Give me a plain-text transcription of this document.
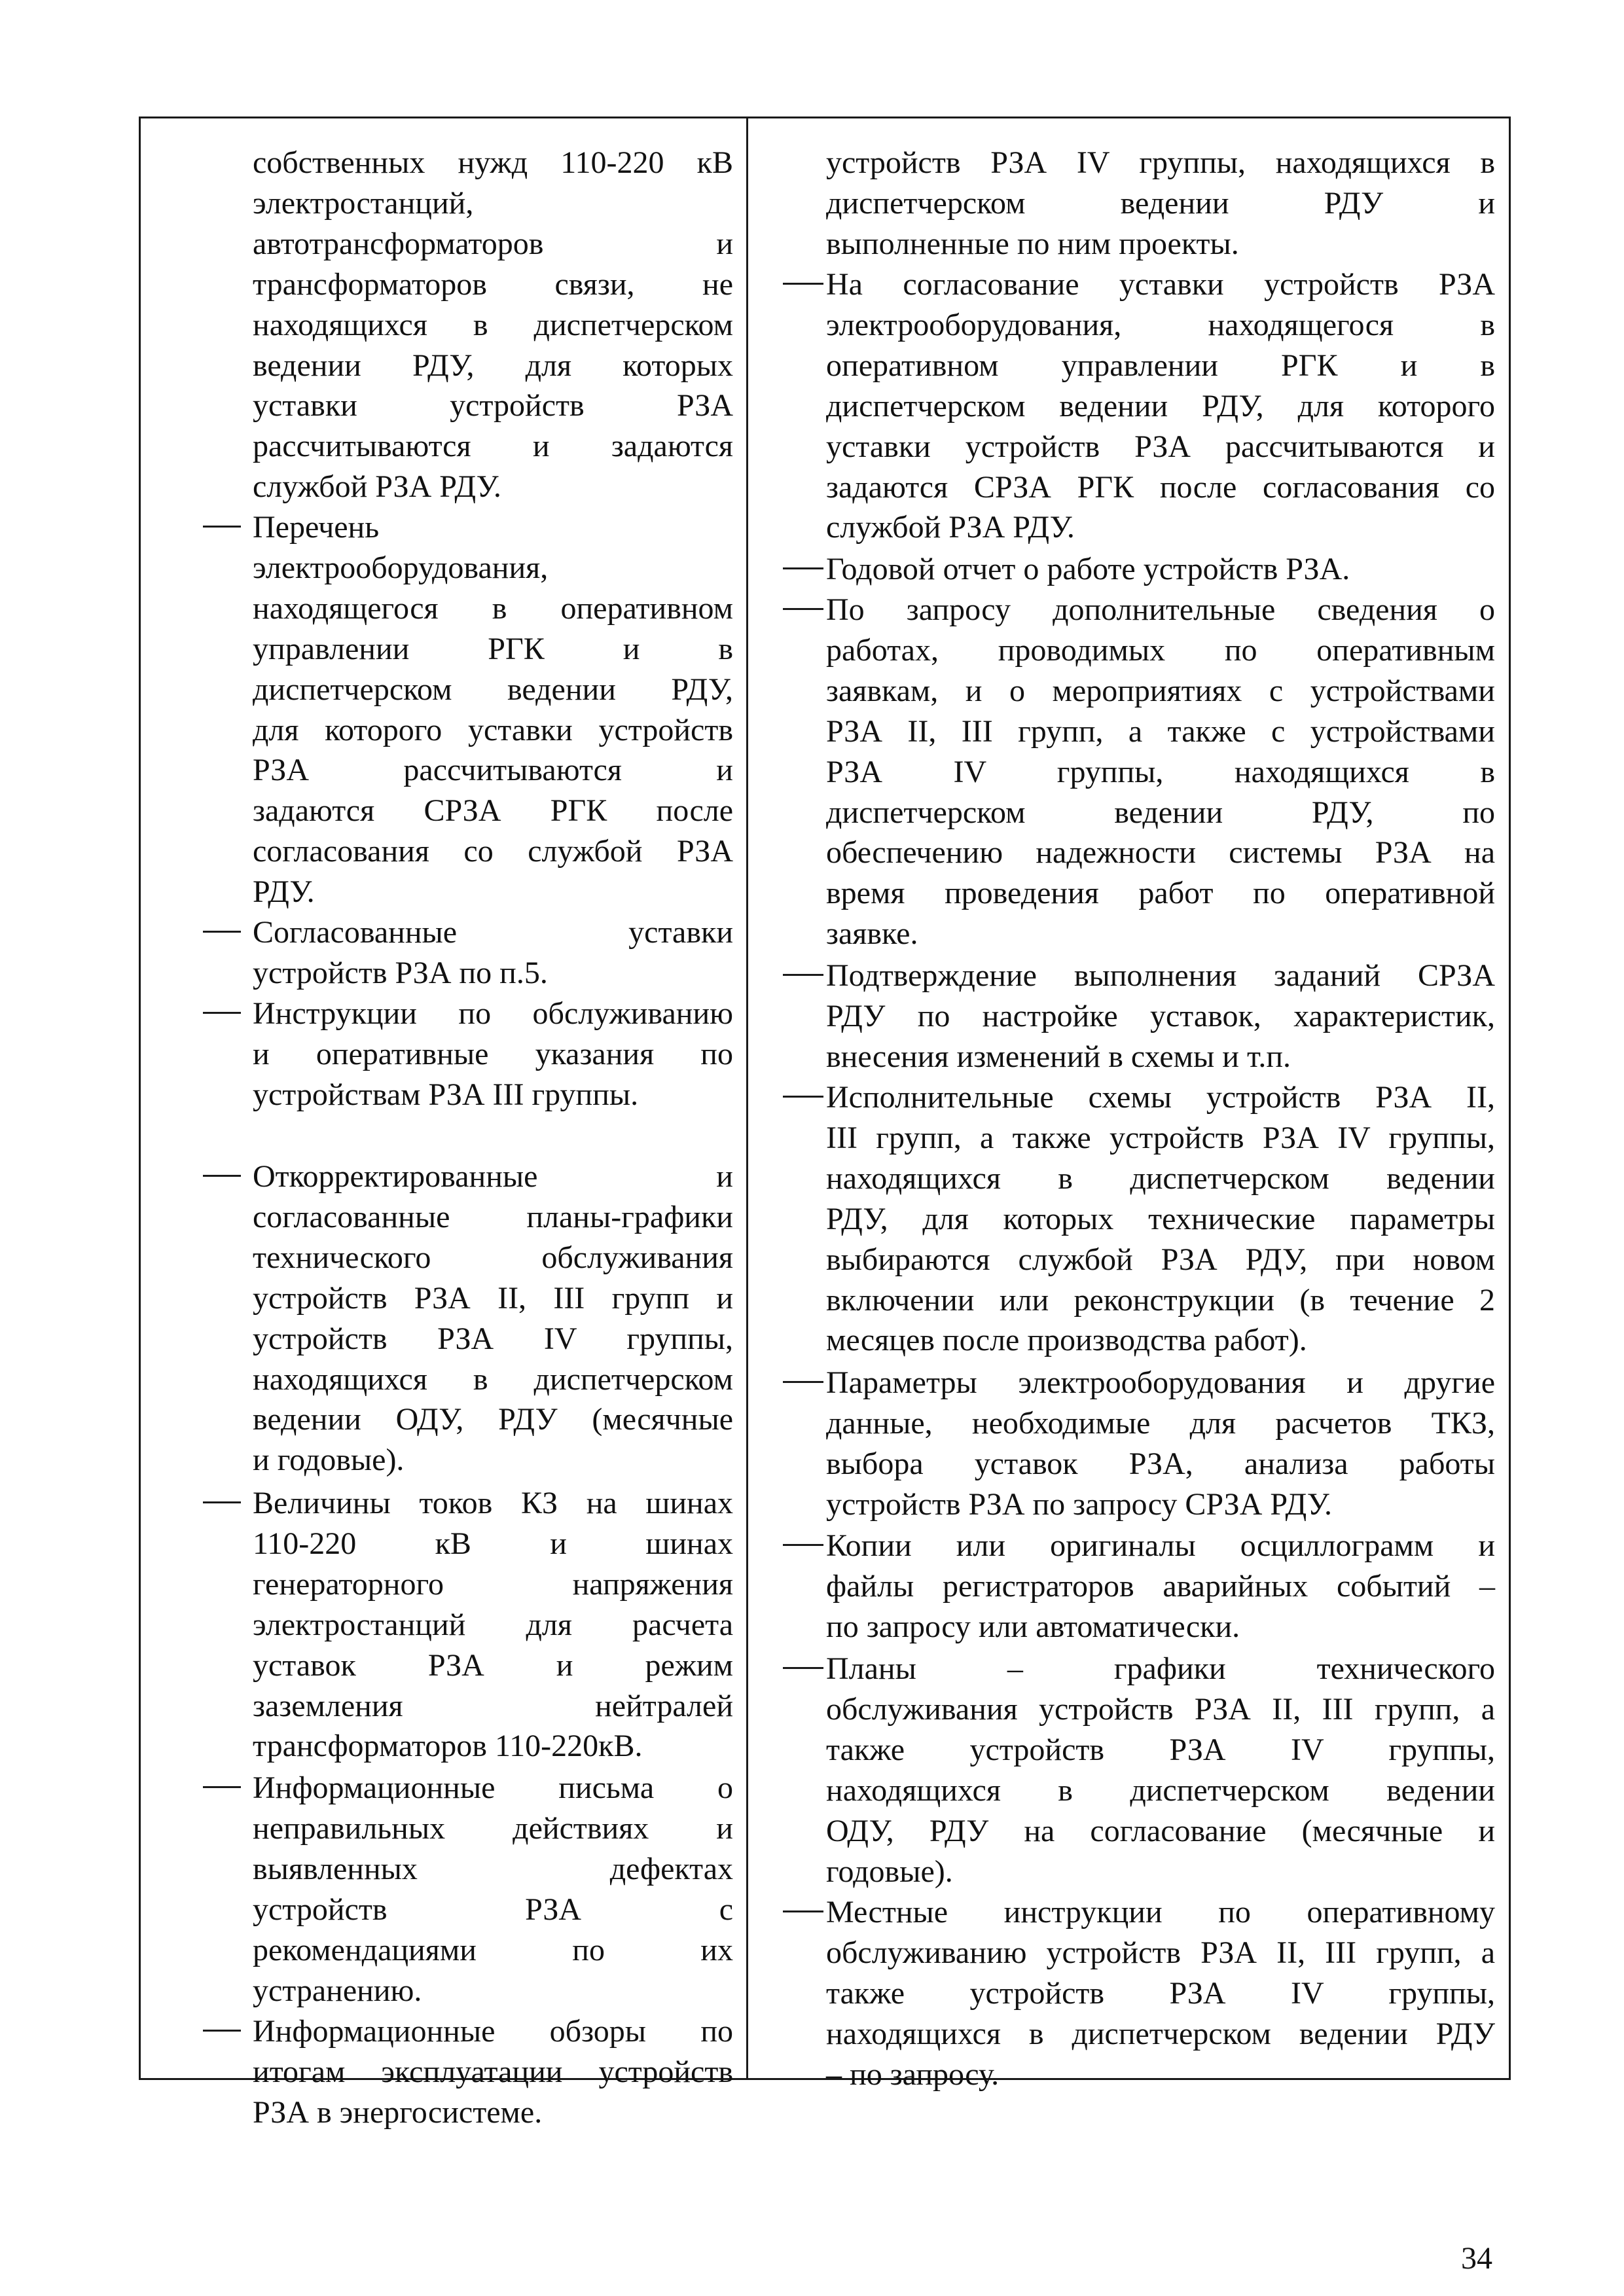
собственных нужд 110-220 кВ
электростанций,
автотрансформаторов и
трансформаторов связи, не
находящихся в диспетчерском
ведении РДУ, для которых
уставки устройств РЗА
рассчитываются и задаются
службой РЗА РДУ.
Перечень
электрооборудования,
находящегося в оперативном
управлении РГК и в
диспетчерском ведении РДУ,
для которого уставки устройств
РЗА рассчитываются и
задаются СРЗА РГК после
согласования со службой РЗА
РДУ.
Согласованные уставки
устройств РЗА по п.5.
Инструкции по обслуживанию
и оперативные указания по
устройствам РЗА III группы.
Откорректированные и
согласованные планы-графики
технического обслуживания
устройств РЗА II, III групп и
устройств РЗА IV группы,
находящихся в диспетчерском
ведении ОДУ, РДУ (месячные
и годовые).
Величины токов КЗ на шинах
110-220 кВ и шинах
генераторного напряжения
электростанций для расчета
уставок РЗА и режим
заземления нейтралей
трансформаторов 110-220кВ.
Информационные письма о
неправильных действиях и
выявленных дефектах
устройств РЗА с
рекомендациями по их
устранению.
Информационные обзоры по
итогам эксплуатации устройств
РЗА в энергосистеме.
устройств РЗА IV группы, находящихся в
диспетчерском ведении РДУ и
выполненные по ним проекты.
На согласование уставки устройств РЗА
электрооборудования, находящегося в
оперативном управлении РГК и в
диспетчерском ведении РДУ, для которого
уставки устройств РЗА рассчитываются и
задаются СРЗА РГК после согласования со
службой РЗА РДУ.
Годовой отчет о работе устройств РЗА.
По запросу дополнительные сведения о
работах, проводимых по оперативным
заявкам, и о мероприятиях с устройствами
РЗА II, III групп, а также с устройствами
РЗА IV группы, находящихся в
диспетчерском ведении РДУ, по
обеспечению надежности системы РЗА на
время проведения работ по оперативной
заявке.
Подтверждение выполнения заданий СРЗА
РДУ по настройке уставок, характеристик,
внесения изменений в схемы и т.п.
Исполнительные схемы устройств РЗА II,
III групп, а также устройств РЗА IV группы,
находящихся в диспетчерском ведении
РДУ, для которых технические параметры
выбираются службой РЗА РДУ, при новом
включении или реконструкции (в течение 2
месяцев после производства работ).
Параметры электрооборудования и другие
данные, необходимые для расчетов ТКЗ,
выбора уставок РЗА, анализа работы
устройств РЗА по запросу СРЗА РДУ.
Копии или оригиналы осциллограмм и
файлы регистраторов аварийных событий –
по запросу или автоматически.
Планы – графики технического
обслуживания устройств РЗА II, III групп, а
также устройств РЗА IV группы,
находящихся в диспетчерском ведении
ОДУ, РДУ на согласование (месячные и
годовые).
Местные инструкции по оперативному
обслуживанию устройств РЗА II, III групп, а
также устройств РЗА IV группы,
находящихся в диспетчерском ведении РДУ
– по запросу.
34
